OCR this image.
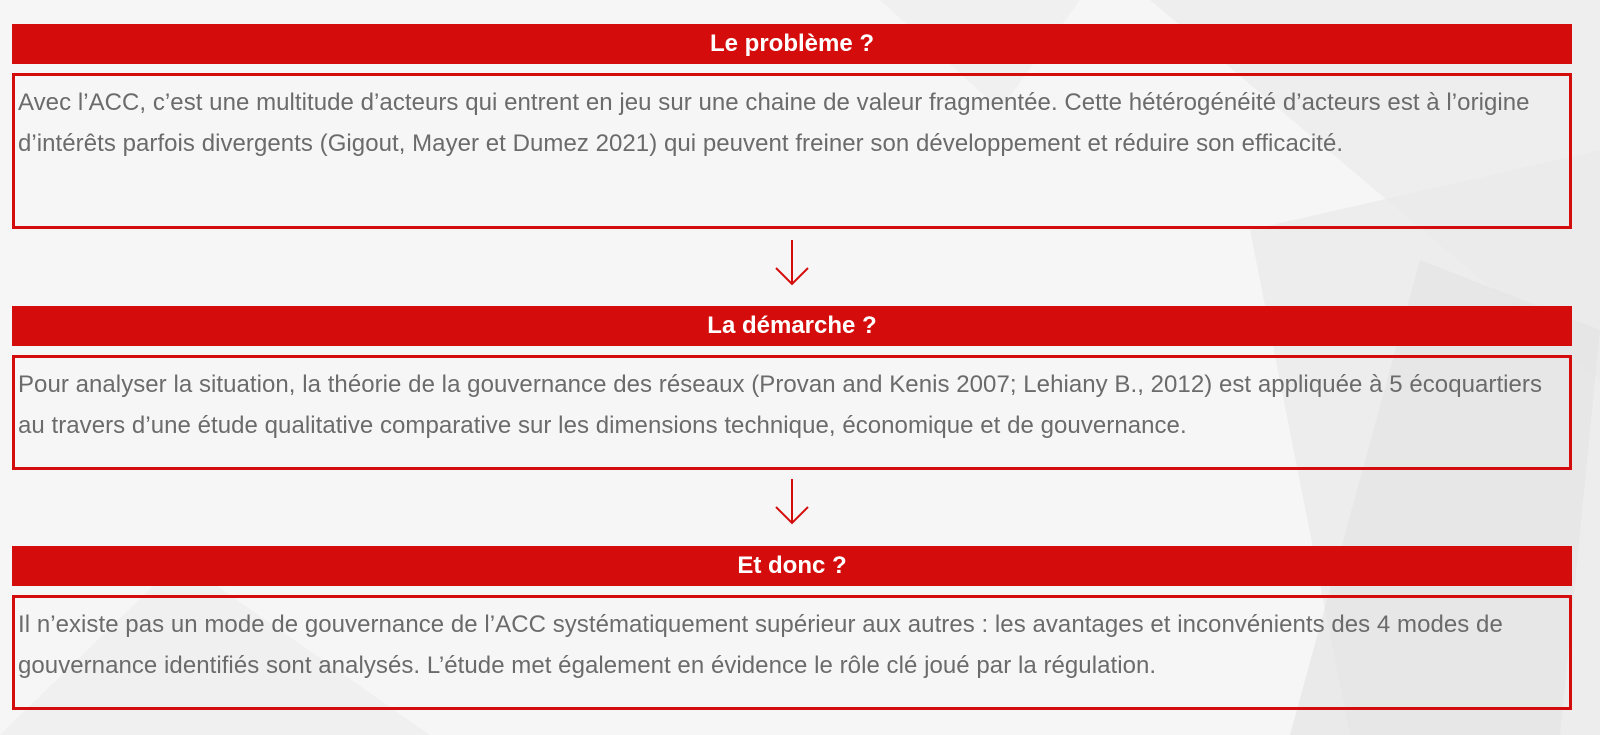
Le problème ?
Avec l’ACC, c’est une multitude d’acteurs qui entrent en jeu sur une chaine de valeur fragmentée. Cette hétérogénéité d’acteurs est à l’origine d’intérêts parfois divergents (Gigout, Mayer et Dumez 2021) qui peuvent freiner son développement et réduire son efficacité.
La démarche ?
Pour analyser la situation, la théorie de la gouvernance des réseaux (Provan and Kenis 2007; Lehiany B., 2012) est appliquée à 5 écoquartiers au travers d’une étude qualitative comparative sur les dimensions technique, économique et de gouvernance.
Et donc ?
Il n’existe pas un mode de gouvernance de l’ACC systématiquement supérieur aux autres : les avantages et inconvénients des 4 modes de gouvernance identifiés sont analysés. L’étude met également en évidence le rôle clé joué par la régulation.
